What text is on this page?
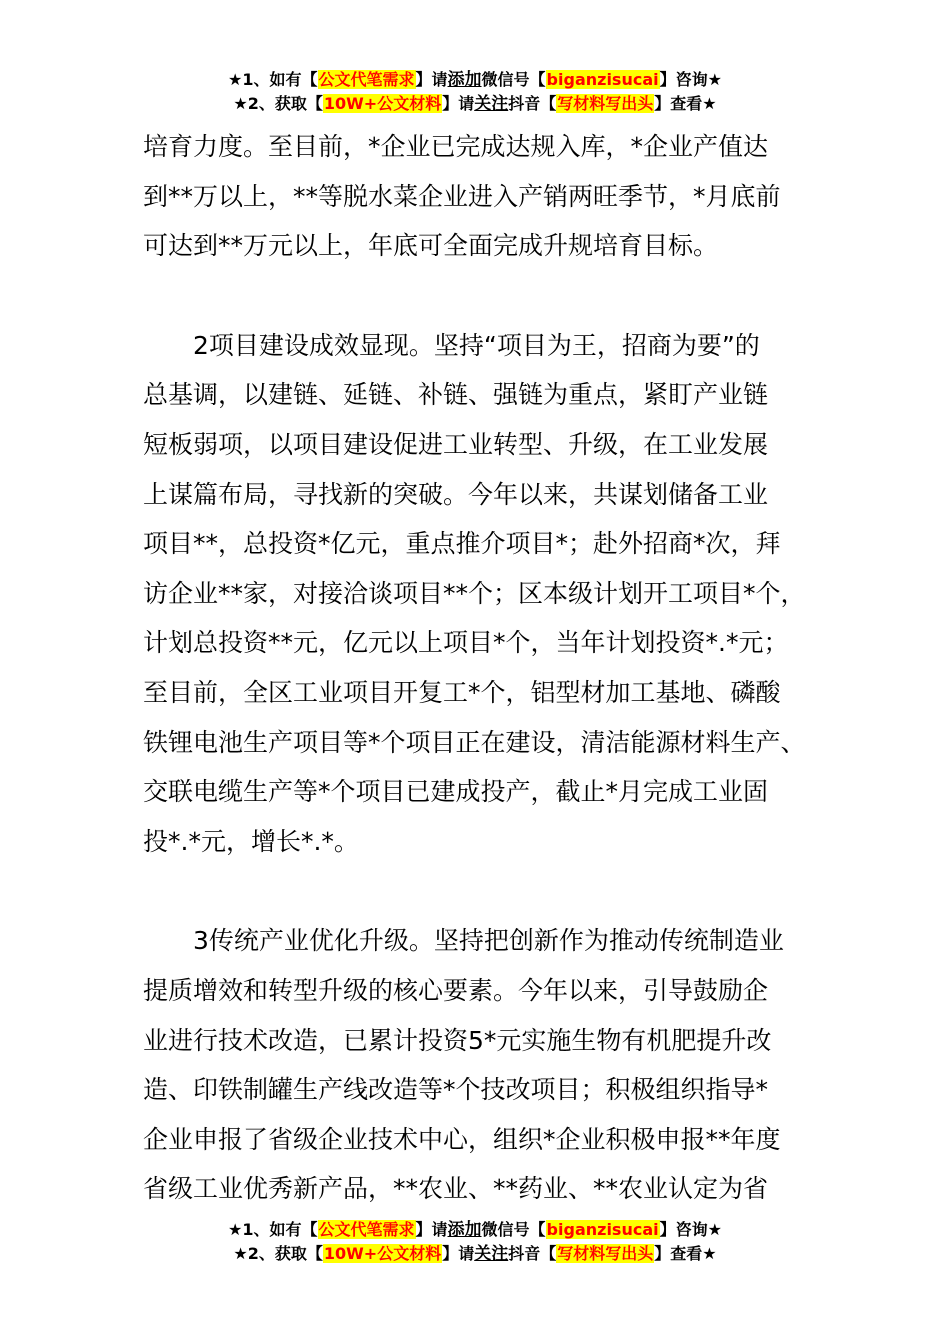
★1、如有【公文代笔需求】请添加微信号【biganzisucai】咨询★
★2、获取【10W+公文材料】请关注抖音【写材料写出头】查看★

培育力度。至目前，*企业已完成达规入库，*企业产值达
到**万以上，**等脱水菜企业进入产销两旺季节，*月底前
可达到**万元以上，年底可全面完成升规培育目标。

2项目建设成效显现。坚持“项目为王，招商为要”的
总基调，以建链、延链、补链、强链为重点，紧盯产业链
短板弱项，以项目建设促进工业转型、升级，在工业发展
上谋篇布局，寻找新的突破。今年以来，共谋划储备工业
项目**，总投资*亿元，重点推介项目*；赴外招商*次，拜
访企业**家，对接洽谈项目**个；区本级计划开工项目*个，
计划总投资**元，亿元以上项目*个，当年计划投资*.*元；
至目前，全区工业项目开复工*个，铝型材加工基地、磷酸
铁锂电池生产项目等*个项目正在建设，清洁能源材料生产、
交联电缆生产等*个项目已建成投产，截止*月完成工业固
投*.*元，增长*.*。

3传统产业优化升级。坚持把创新作为推动传统制造业
提质增效和转型升级的核心要素。今年以来，引导鼓励企
业进行技术改造，已累计投资5*元实施生物有机肥提升改
造、印铁制罐生产线改造等*个技改项目；积极组织指导*
企业申报了省级企业技术中心，组织*企业积极申报**年度
省级工业优秀新产品，**农业、**药业、**农业认定为省

★1、如有【公文代笔需求】请添加微信号【biganzisucai】咨询★
★2、获取【10W+公文材料】请关注抖音【写材料写出头】查看★
